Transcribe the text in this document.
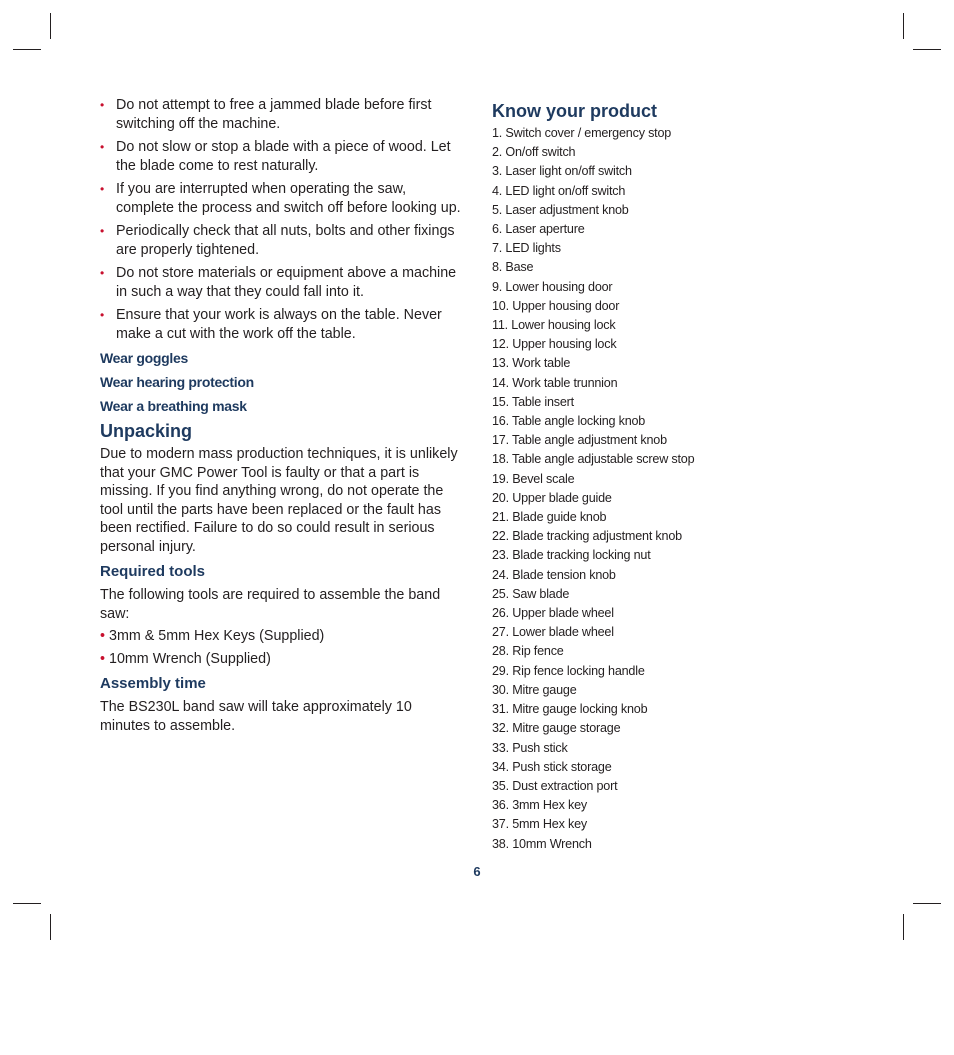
• Do not attempt to free a jammed blade before first switching off the machine.
• Do not slow or stop a blade with a piece of wood. Let the blade come to rest naturally.
• If you are interrupted when operating the saw, complete the process and switch off before looking up.
• Periodically check that all nuts, bolts and other fixings are properly tightened.
• Do not store materials or equipment above a machine in such a way that they could fall into it.
• Ensure that your work is always on the table. Never make a cut with the work off the table.
Wear goggles
Wear hearing protection
Wear a breathing mask
Unpacking

Due to modern mass production techniques, it is unlikely that your GMC Power Tool is faulty or that a part is missing. If you find anything wrong, do not operate the tool until the parts have been replaced or the fault has been rectified. Failure to do so could result in serious personal injury.

Required tools

The following tools are required to assemble the band saw:

• 3mm & 5mm Hex Keys (Supplied)
• 10mm Wrench (Supplied)
Assembly time

The BS230L band saw will take approximately 10 minutes to assemble.

Know your product
1. Switch cover / emergency stop
2. On/off switch
3. Laser light on/off switch
4. LED light on/off switch
5. Laser adjustment knob
6. Laser aperture
7. LED lights
8. Base
9. Lower housing door
10. Upper housing door
11. Lower housing lock
12. Upper housing lock
13. Work table
14. Work table trunnion
15. Table insert
16. Table angle locking knob
17. Table angle adjustment knob
18. Table angle adjustable screw stop
19. Bevel scale
20. Upper blade guide
21. Blade guide knob
22. Blade tracking adjustment knob
23. Blade tracking locking nut
24. Blade tension knob
25. Saw blade
26. Upper blade wheel
27. Lower blade wheel
28. Rip fence
29. Rip fence locking handle
30. Mitre gauge
31. Mitre gauge locking knob
32. Mitre gauge storage
33. Push stick
34. Push stick storage
35. Dust extraction port
36. 3mm Hex key
37. 5mm Hex key
38. 10mm Wrench
6
